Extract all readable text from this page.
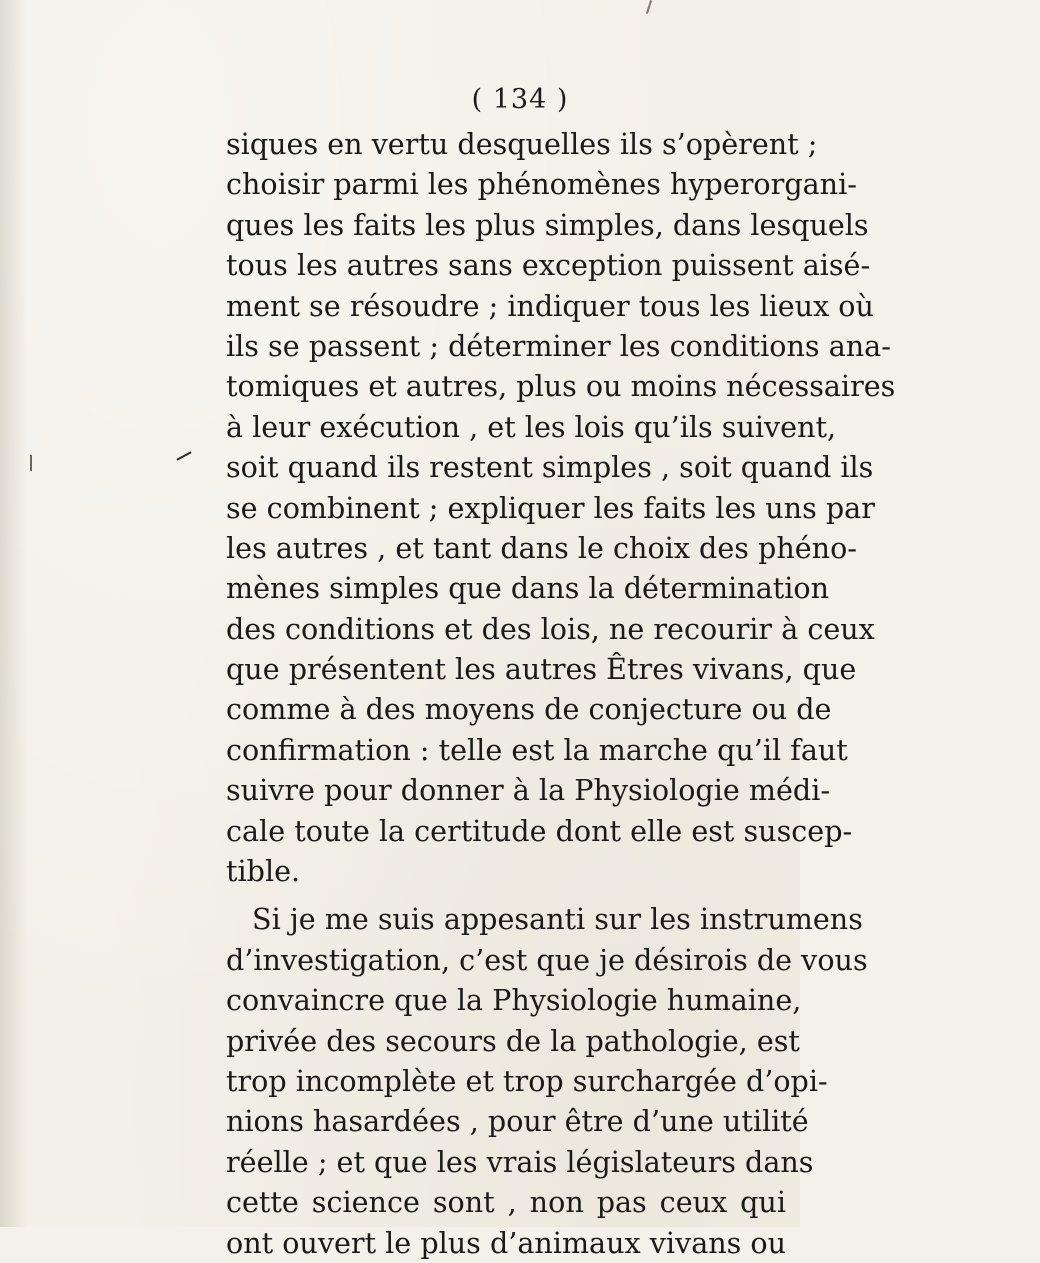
( 134 )
siques en vertu desquelles ils s’opèrent ;
choisir parmi les phénomènes hyperorgani-
ques les faits les plus simples, dans lesquels
tous les autres sans exception puissent aisé-
ment se résoudre ; indiquer tous les lieux où
ils se passent ; déterminer les conditions ana-
tomiques et autres, plus ou moins nécessaires
à leur exécution , et les lois qu’ils suivent,
soit quand ils restent simples , soit quand ils
se combinent ; expliquer les faits les uns par
les autres , et tant dans le choix des phéno-
mènes simples que dans la détermination
des conditions et des lois, ne recourir à ceux
que présentent les autres Êtres vivans, que
comme à des moyens de conjecture ou de
confirmation : telle est la marche qu’il faut
suivre pour donner à la Physiologie médi-
cale toute la certitude dont elle est suscep-
tible.
Si je me suis appesanti sur les instrumens
d’investigation, c’est que je désirois de vous
convaincre que la Physiologie humaine,
privée des secours de la pathologie, est
trop incomplète et trop surchargée d’opi-
nions hasardées , pour être d’une utilité
réelle ; et que les vrais législateurs dans
cette science sont , non pas ceux qui
ont ouvert le plus d’animaux vivans ou
